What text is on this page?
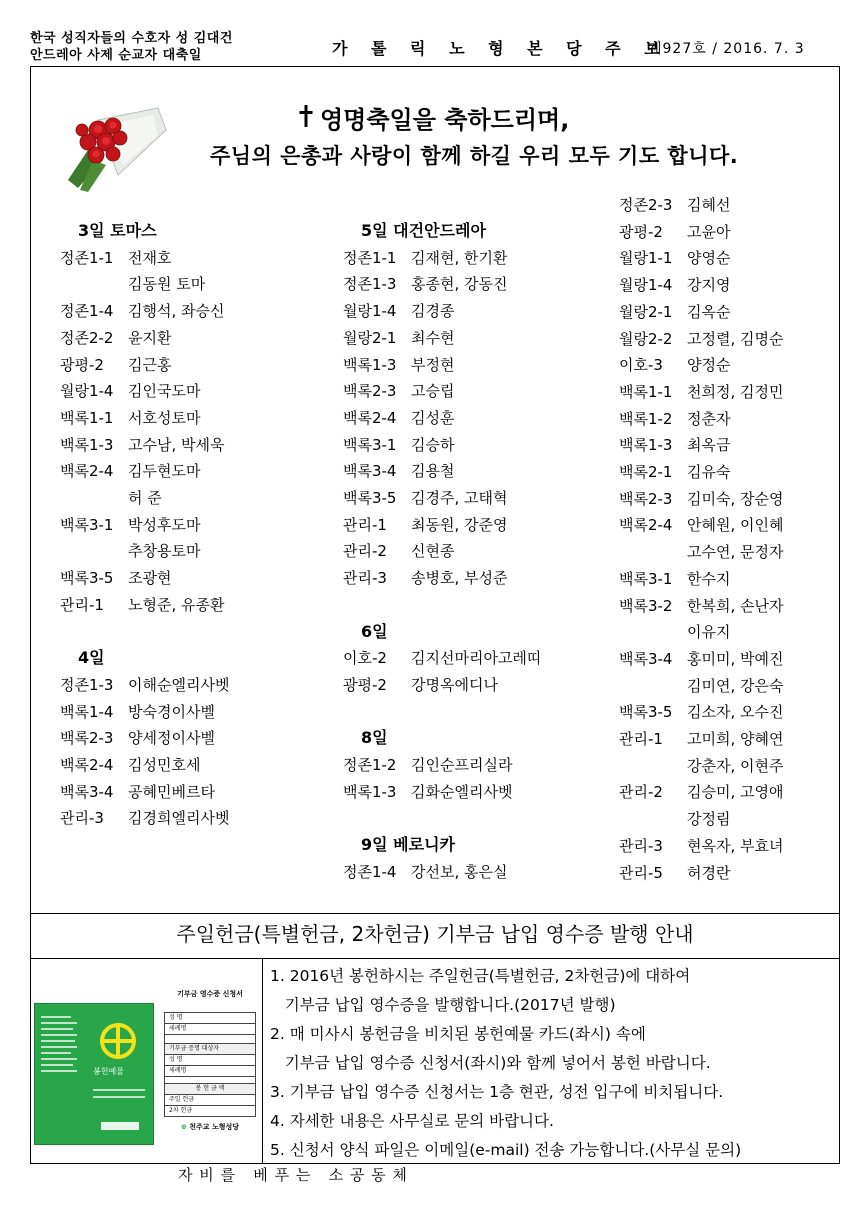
한국 성직자들의 수호자 성 김대건
안드레아 사제 순교자 대축일	가 톨 릭 노 형 본 당 주 보
제927호 / 2016. 7. 3
영명축일을 축하드리며,
주님의 은총과 사랑이 함께 하길 우리 모두 기도 합니다.
3일 토마스
정존1-1 전재호
김동원 토마
정존1-4 김행석, 좌승신
정존2-2 윤지환
광평-2 김근홍
월랑1-4 김인국도마
백록1-1 서호성토마
백록1-3 고수남, 박세욱
백록2-4 김두현도마
허 준
백록3-1 박성후도마
추창용토마
백록3-5 조광현
관리-1 노형준, 유종환

4일
정존1-3 이해순엘리사벳
백록1-4 방숙경이사벨
백록2-3 양세정이사벨
백록2-4 김성민호세
백록3-4 공혜민베르타
관리-3 김경희엘리사벳
5일 대건안드레아
정존1-1 김재현, 한기환
정존1-3 홍종현, 강동진
월랑1-4 김경종
월랑2-1 최수현
백록1-3 부정현
백록2-3 고승립
백록2-4 김성훈
백록3-1 김승하
백록3-4 김용철
백록3-5 김경주, 고태혁
관리-1 최동원, 강준영
관리-2 신현종
관리-3 송병호, 부성준

6일
이호-2 김지선마리아고레띠
광평-2 강명옥에디나

8일
정존1-2 김인순프리실라
백록1-3 김화순엘리사벳

9일 베로니카
정존1-4 강선보, 홍은실
정존2-3 김혜선
광평-2 고윤아
월랑1-1 양영순
월랑1-4 강지영
월랑2-1 김옥순
월랑2-2 고정렬, 김명순
이호-3 양정순
백록1-1 천희정, 김정민
백록1-2 정춘자
백록1-3 최옥금
백록2-1 김유숙
백록2-3 김미숙, 장순영
백록2-4 안혜원, 이인혜
고수연, 문정자
백록3-1 한수지
백록3-2 한복희, 손난자
이유지
백록3-4 홍미미, 박예진
김미연, 강은숙
백록3-5 김소자, 오수진
관리-1 고미희, 양혜연
강춘자, 이현주
관리-2 김승미, 고영애
강정림
관리-3 현옥자, 부효녀
관리-5 허경란
주일헌금(특별헌금, 2차헌금) 기부금 납입 영수증 발행 안내
봉헌예물
기부금 영수증 신청서
성 명
세례명
기부금 증명 대상자
성 명
세례명
봉 헌 금 액
주일 헌금
2차 헌금
⊕ 천주교 노형성당
1. 2016년 봉헌하시는 주일헌금(특별헌금, 2차헌금)에 대하여
기부금 납입 영수증을 발행합니다.(2017년 발행)
2. 매 미사시 봉헌금을 비치된 봉헌예물 카드(좌시) 속에
기부금 납입 영수증 신청서(좌시)와 함께 넣어서 봉헌 바랍니다.
3. 기부금 납입 영수증 신청서는 1층 현관, 성전 입구에 비치됩니다.
4. 자세한 내용은 사무실로 문의 바랍니다.
5. 신청서 양식 파일은 이메일(e-mail) 전송 가능합니다.(사무실 문의)
자 비 를   베 푸 는   소 공 동 체
